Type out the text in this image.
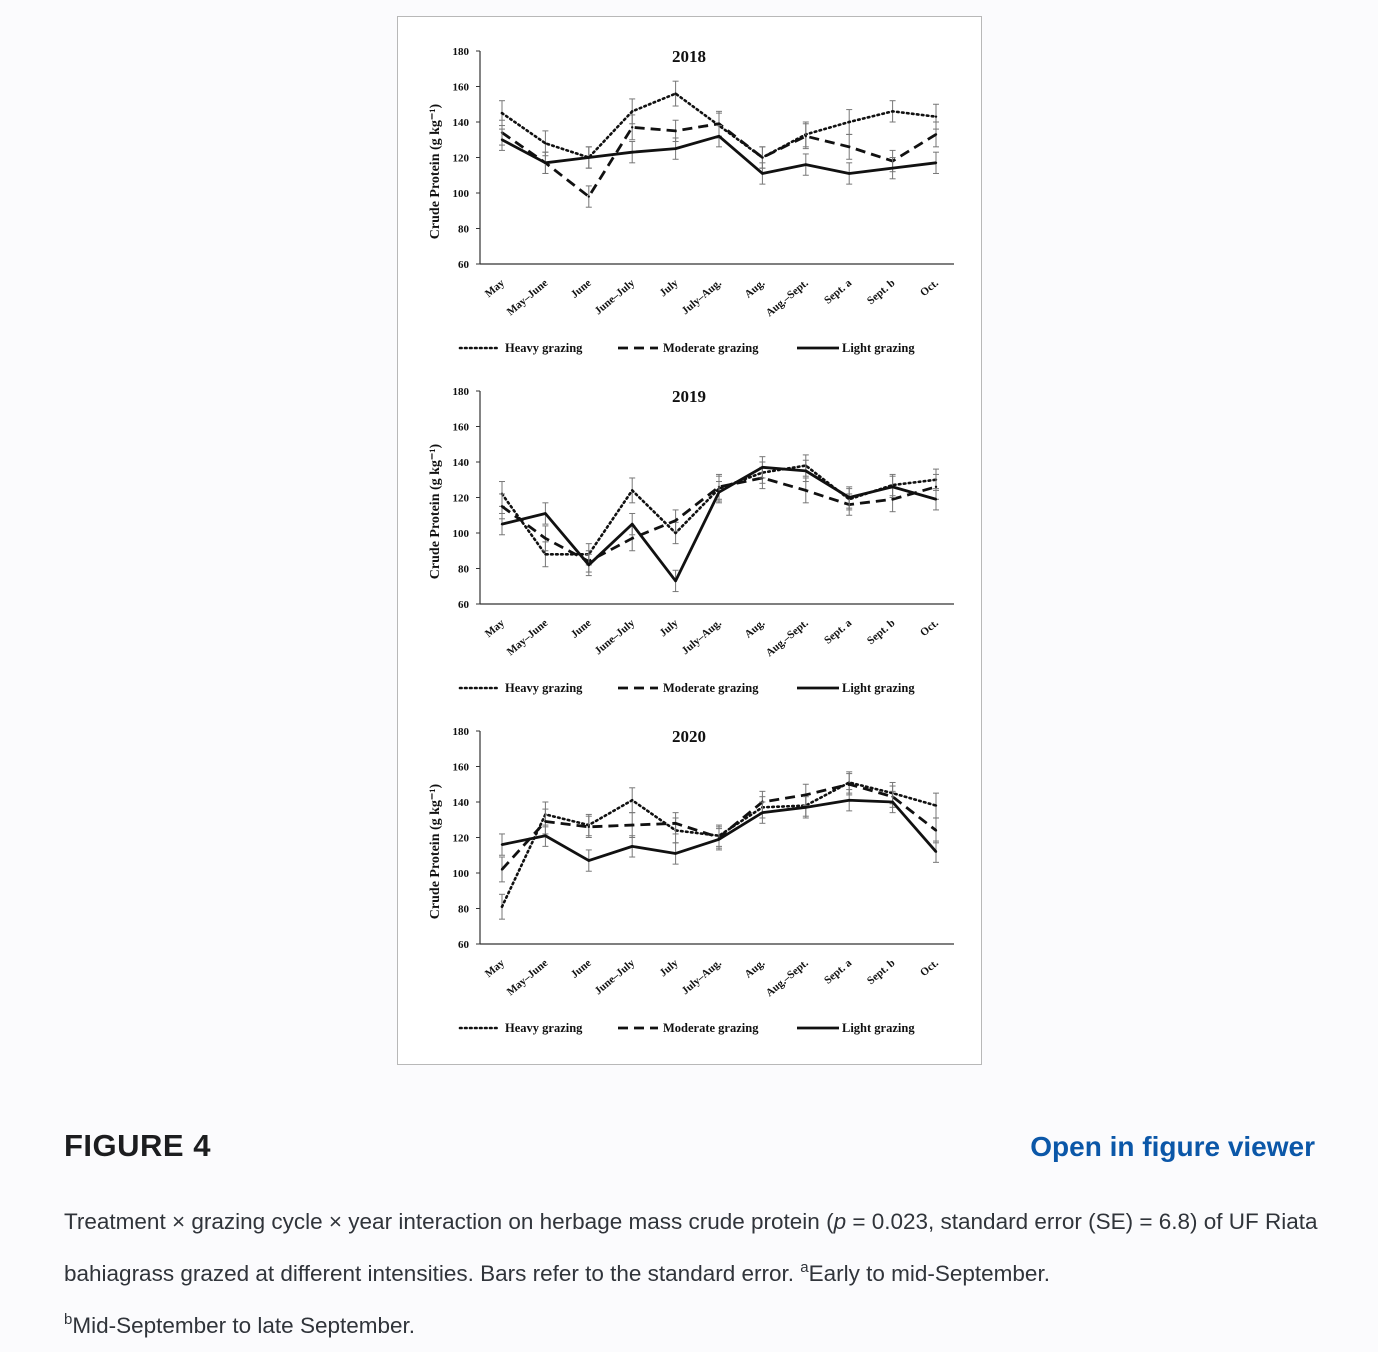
60
80
100
120
140
160
180
Crude Protein (g kg⁻¹)
2018
May
May–June June
June–July July
July–Aug. Aug.
Aug.–Sept. Sept. a Sept. b Oct.
Heavy grazing	Moderate grazing	Light grazing
60
80
100
120
140
160
180
Crude Protein (g kg⁻¹)
2019
May
May–June June
June–July July
July–Aug. Aug.
Aug.–Sept. Sept. a Sept. b Oct.
Heavy grazing	Moderate grazing	Light grazing
60
80
100
120
140
160
180
Crude Protein (g kg⁻¹)
2020
May
May–June June
June–July July
July–Aug. Aug.
Aug.–Sept. Sept. a Sept. b Oct.
Heavy grazing	Moderate grazing	Light grazing
FIGURE 4	Open in figure viewer

Treatment × grazing cycle × year interaction on herbage mass crude protein (p = 0.023, standard error (SE) = 6.8) of UF Riata bahiagrass grazed at different intensities. Bars refer to the standard error. $^a$Early to mid-September.
$^b$Mid-September to late September.
